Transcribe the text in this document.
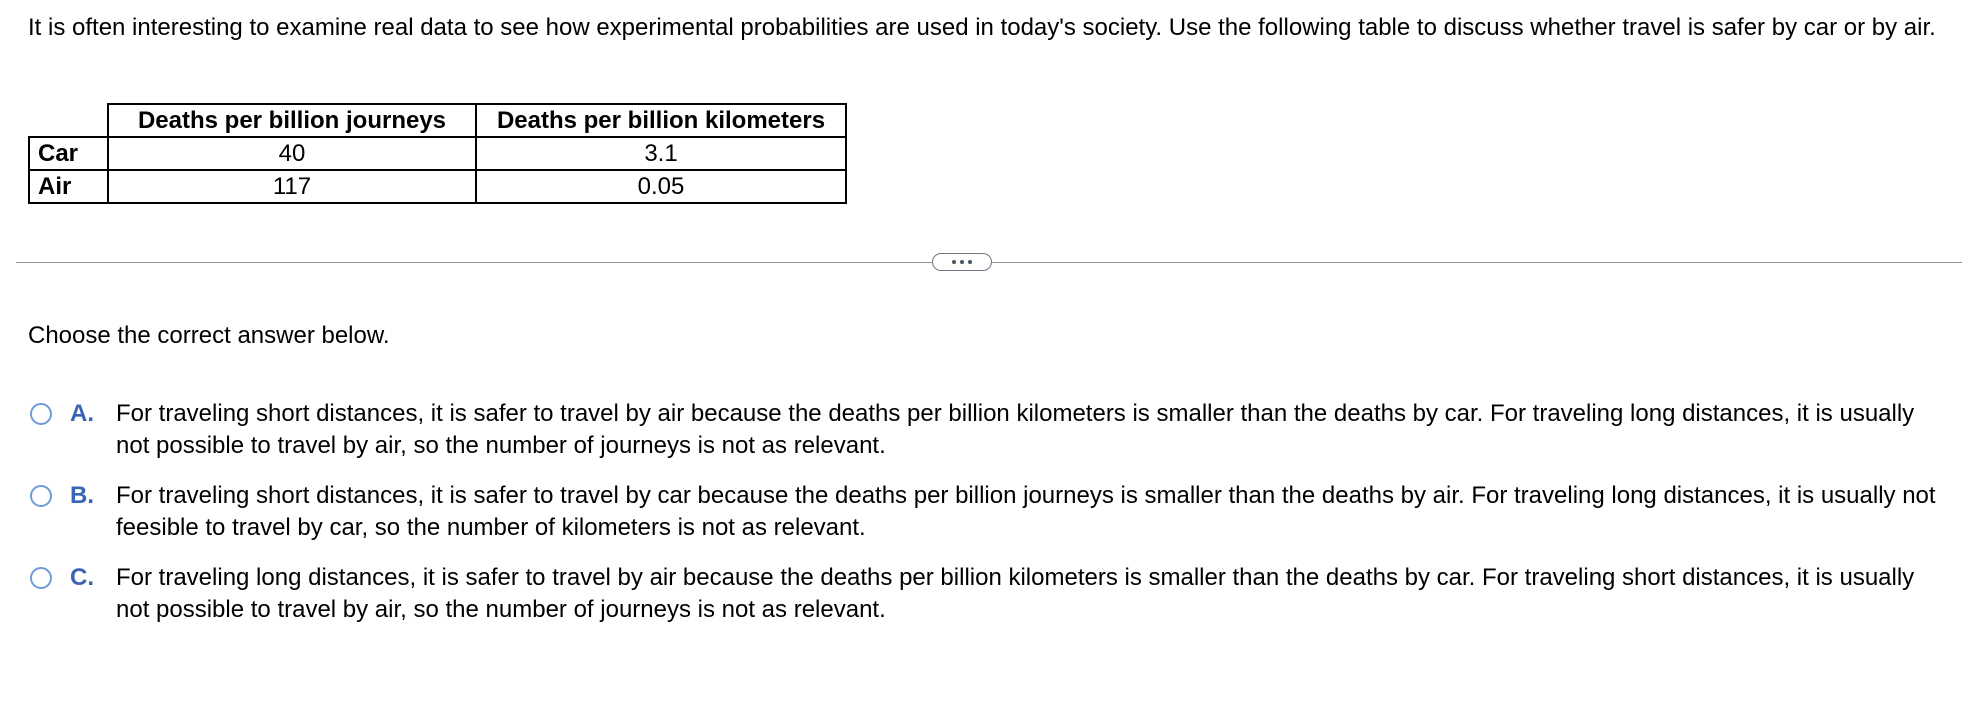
It is often interesting to examine real data to see how experimental probabilities are used in today's society. Use the following table to discuss whether travel is safer by car or by air.
	Deaths per billion journeys	Deaths per billion kilometers
Car	40	3.1
Air	117	0.05
Choose the correct answer below.
A. For traveling short distances, it is safer to travel by air because the deaths per billion kilometers is smaller than the deaths by car. For traveling long distances, it is usually not possible to travel by air, so the number of journeys is not as relevant.
B. For traveling short distances, it is safer to travel by car because the deaths per billion journeys is smaller than the deaths by air. For traveling long distances, it is usually not feesible to travel by car, so the number of kilometers is not as relevant.
C. For traveling long distances, it is safer to travel by air because the deaths per billion kilometers is smaller than the deaths by car. For traveling short distances, it is usually not possible to travel by air, so the number of journeys is not as relevant.
